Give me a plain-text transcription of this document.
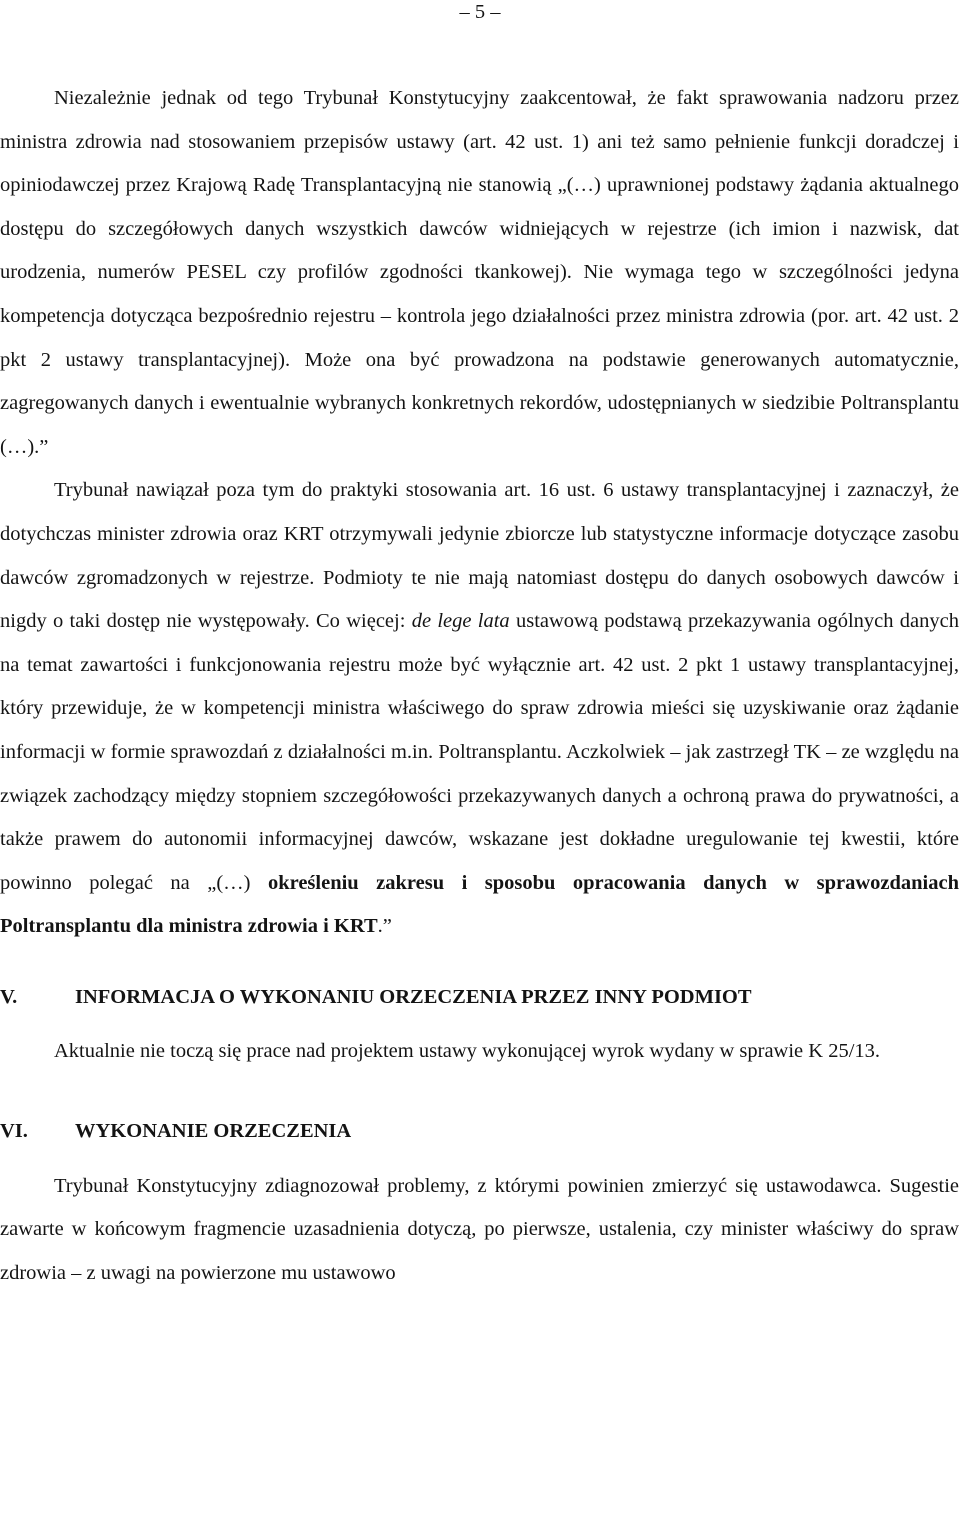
– 5 –

Niezależnie jednak od tego Trybunał Konstytucyjny zaakcentował, że fakt sprawowania nadzoru przez ministra zdrowia nad stosowaniem przepisów ustawy (art. 42 ust. 1) ani też samo pełnienie funkcji doradczej i opiniodawczej przez Krajową Radę Transplantacyjną nie stanowią „(…) uprawnionej podstawy żądania aktualnego dostępu do szczegółowych danych wszystkich dawców widniejących w rejestrze (ich imion i nazwisk, dat urodzenia, numerów PESEL czy profilów zgodności tkankowej). Nie wymaga tego w szczególności jedyna kompetencja dotycząca bezpośrednio rejestru – kontrola jego działalności przez ministra zdrowia (por. art. 42 ust. 2 pkt 2 ustawy transplantacyjnej). Może ona być prowadzona na podstawie generowanych automatycznie, zagregowanych danych i ewentualnie wybranych konkretnych rekordów, udostępnianych w siedzibie Poltransplantu (…).”

Trybunał nawiązał poza tym do praktyki stosowania art. 16 ust. 6 ustawy transplantacyjnej i zaznaczył, że dotychczas minister zdrowia oraz KRT otrzymywali jedynie zbiorcze lub statystyczne informacje dotyczące zasobu dawców zgromadzonych w rejestrze. Podmioty te nie mają natomiast dostępu do danych osobowych dawców i nigdy o taki dostęp nie występowały. Co więcej: de lege lata ustawową podstawą przekazywania ogólnych danych na temat zawartości i funkcjonowania rejestru może być wyłącznie art. 42 ust. 2 pkt 1 ustawy transplantacyjnej, który przewiduje, że w kompetencji ministra właściwego do spraw zdrowia mieści się uzyskiwanie oraz żądanie informacji w formie sprawozdań z działalności m.in. Poltransplantu. Aczkolwiek – jak zastrzegł TK – ze względu na związek zachodzący między stopniem szczegółowości przekazywanych danych a ochroną prawa do prywatności, a także prawem do autonomii informacyjnej dawców, wskazane jest dokładne uregulowanie tej kwestii, które powinno polegać na „(…) określeniu zakresu i sposobu opracowania danych w sprawozdaniach Poltransplantu dla ministra zdrowia i KRT.”

V.	INFORMACJA O WYKONANIU ORZECZENIA PRZEZ INNY PODMIOT

Aktualnie nie toczą się prace nad projektem ustawy wykonującej wyrok wydany w sprawie K 25/13.

VI.	WYKONANIE ORZECZENIA

Trybunał Konstytucyjny zdiagnozował problemy, z którymi powinien zmierzyć się ustawodawca. Sugestie zawarte w końcowym fragmencie uzasadnienia dotyczą, po pierwsze, ustalenia, czy minister właściwy do spraw zdrowia – z uwagi na powierzone mu ustawowo
